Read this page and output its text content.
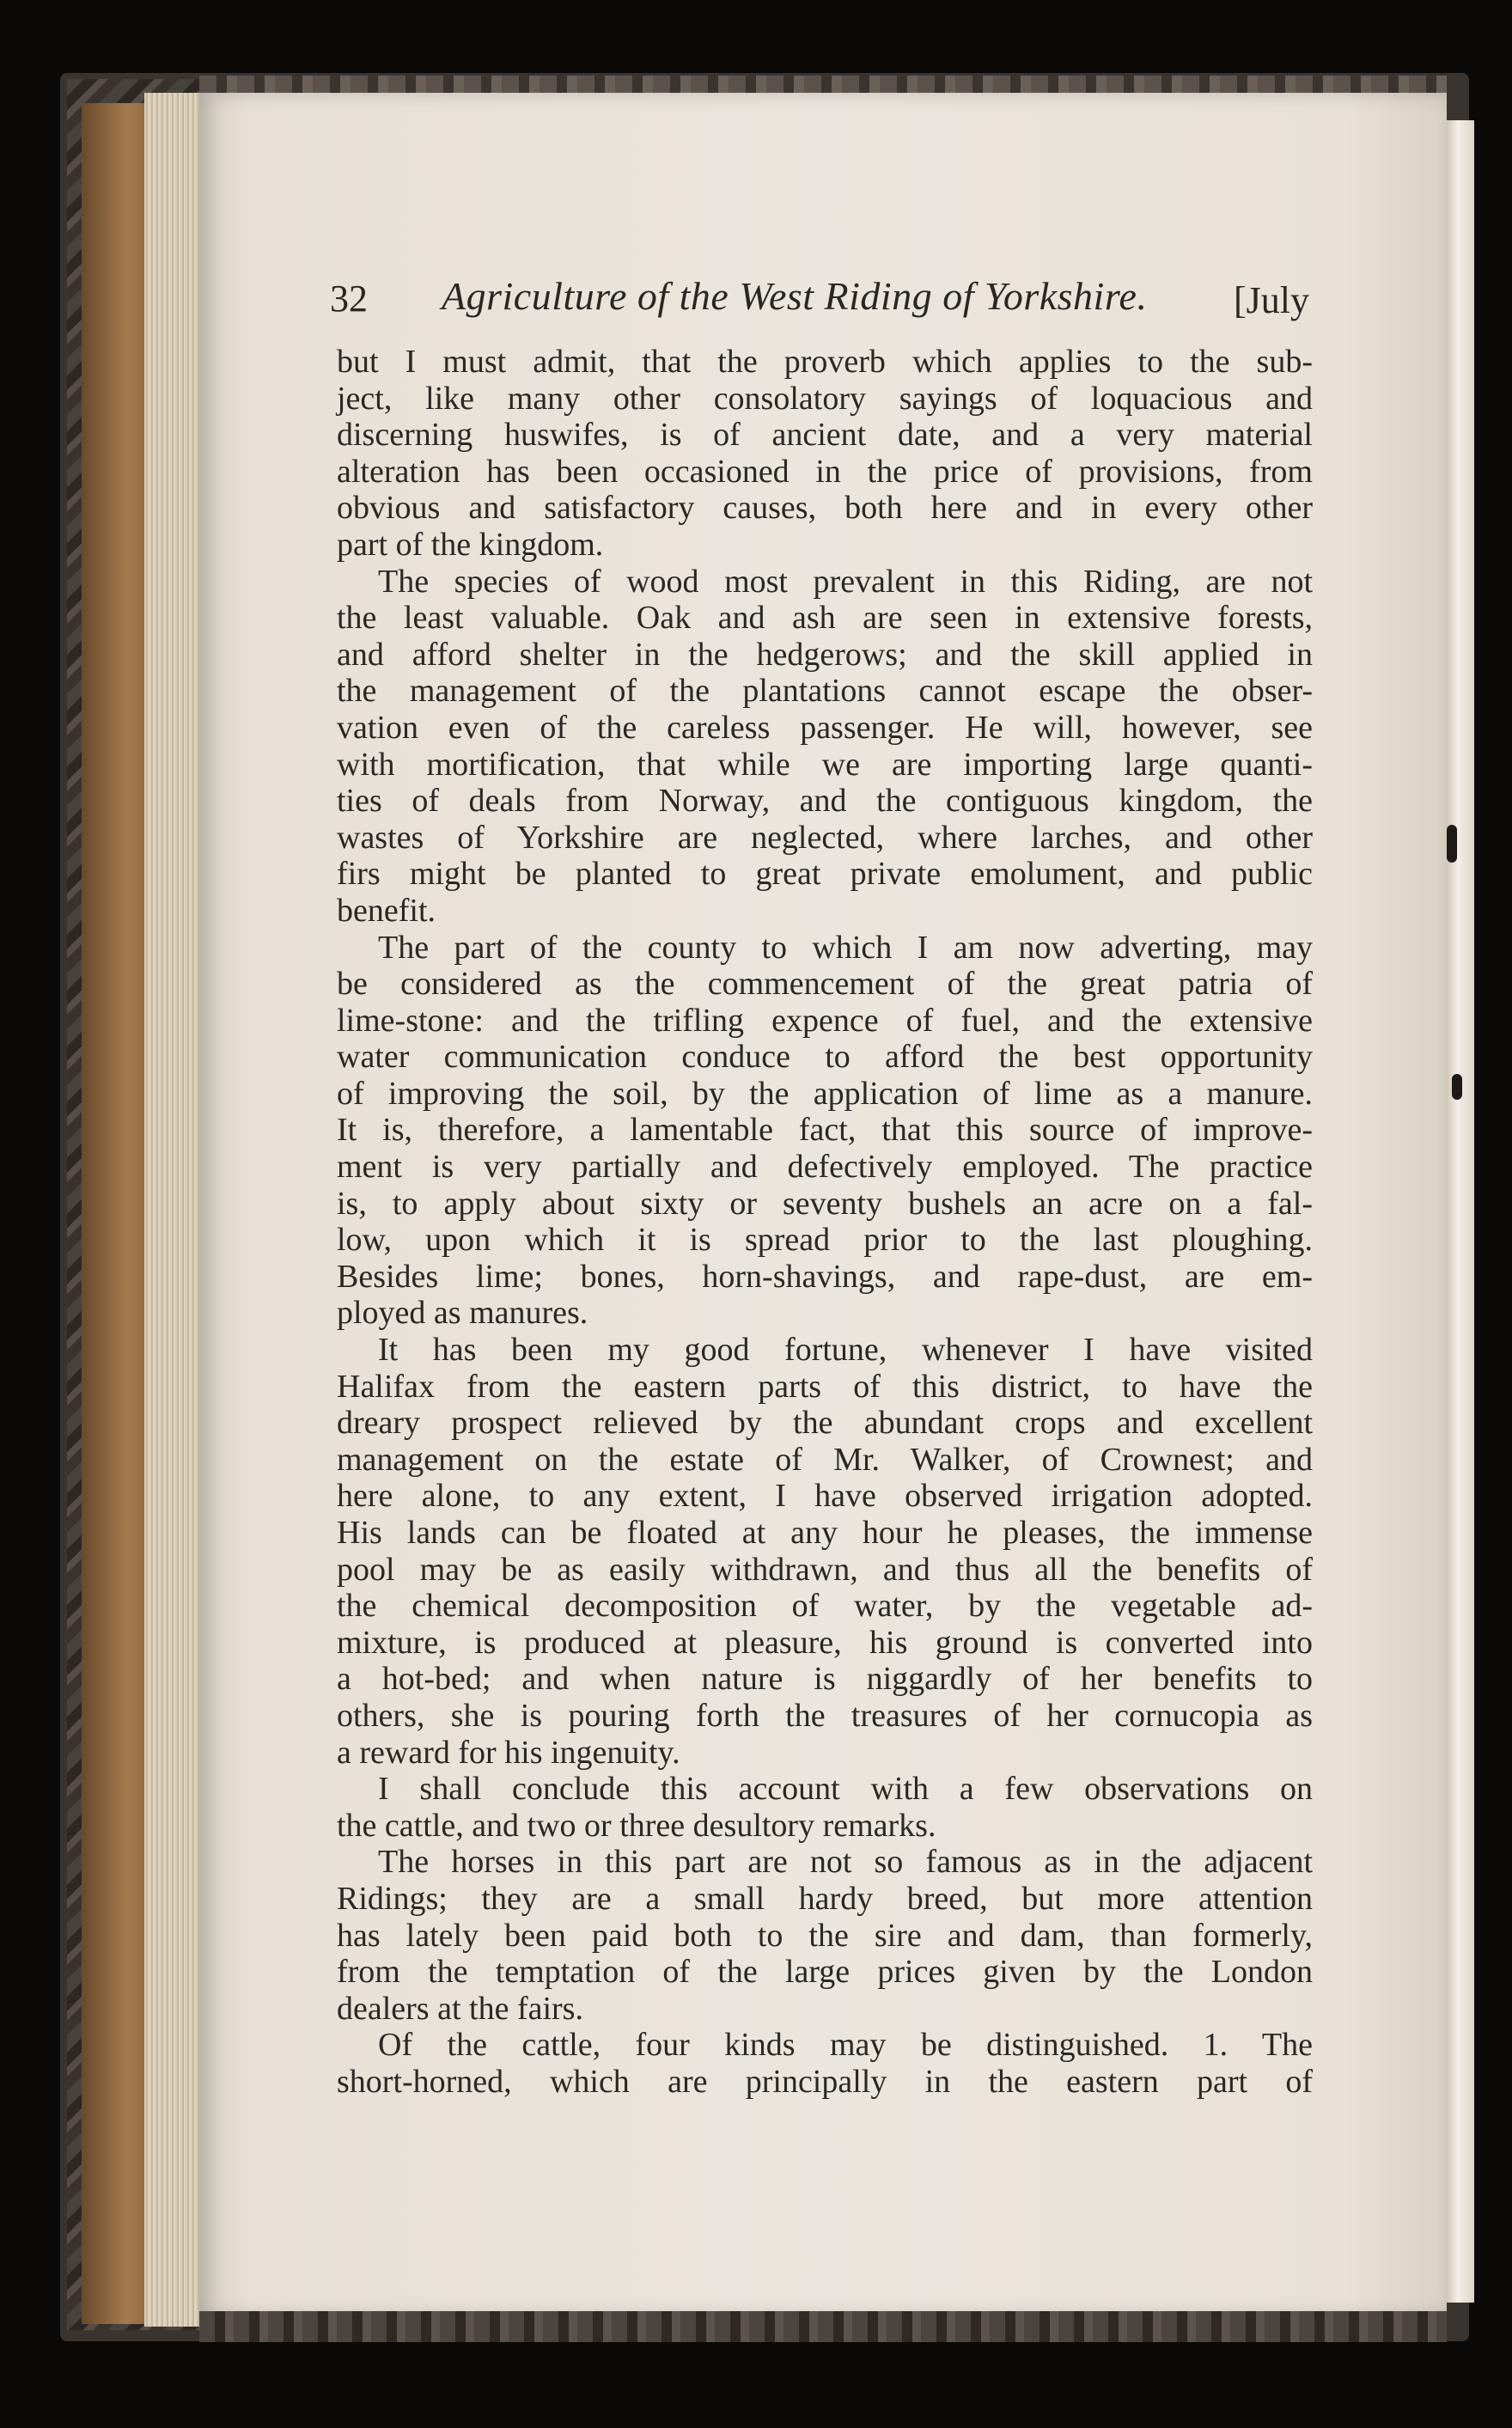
32 Agriculture of the West Riding of Yorkshire. [July
but I must admit, that the proverb which applies to the sub-
ject, like many other consolatory sayings of loquacious and
discerning huswifes, is of ancient date, and a very material
alteration has been occasioned in the price of provisions, from
obvious and satisfactory causes, both here and in every other
part of the kingdom.
The species of wood most prevalent in this Riding, are not
the least valuable. Oak and ash are seen in extensive forests,
and afford shelter in the hedgerows; and the skill applied in
the management of the plantations cannot escape the obser-
vation even of the careless passenger. He will, however, see
with mortification, that while we are importing large quanti-
ties of deals from Norway, and the contiguous kingdom, the
wastes of Yorkshire are neglected, where larches, and other
firs might be planted to great private emolument, and public
benefit.
The part of the county to which I am now adverting, may
be considered as the commencement of the great patria of
lime-stone: and the trifling expence of fuel, and the extensive
water communication conduce to afford the best opportunity
of improving the soil, by the application of lime as a manure.
It is, therefore, a lamentable fact, that this source of improve-
ment is very partially and defectively employed. The practice
is, to apply about sixty or seventy bushels an acre on a fal-
low, upon which it is spread prior to the last ploughing.
Besides lime; bones, horn-shavings, and rape-dust, are em-
ployed as manures.
It has been my good fortune, whenever I have visited
Halifax from the eastern parts of this district, to have the
dreary prospect relieved by the abundant crops and excellent
management on the estate of Mr. Walker, of Crownest; and
here alone, to any extent, I have observed irrigation adopted.
His lands can be floated at any hour he pleases, the immense
pool may be as easily withdrawn, and thus all the benefits of
the chemical decomposition of water, by the vegetable ad-
mixture, is produced at pleasure, his ground is converted into
a hot-bed; and when nature is niggardly of her benefits to
others, she is pouring forth the treasures of her cornucopia as
a reward for his ingenuity.
I shall conclude this account with a few observations on
the cattle, and two or three desultory remarks.
The horses in this part are not so famous as in the adjacent
Ridings; they are a small hardy breed, but more attention
has lately been paid both to the sire and dam, than formerly,
from the temptation of the large prices given by the London
dealers at the fairs.
Of the cattle, four kinds may be distinguished. 1. The
short-horned, which are principally in the eastern part of
